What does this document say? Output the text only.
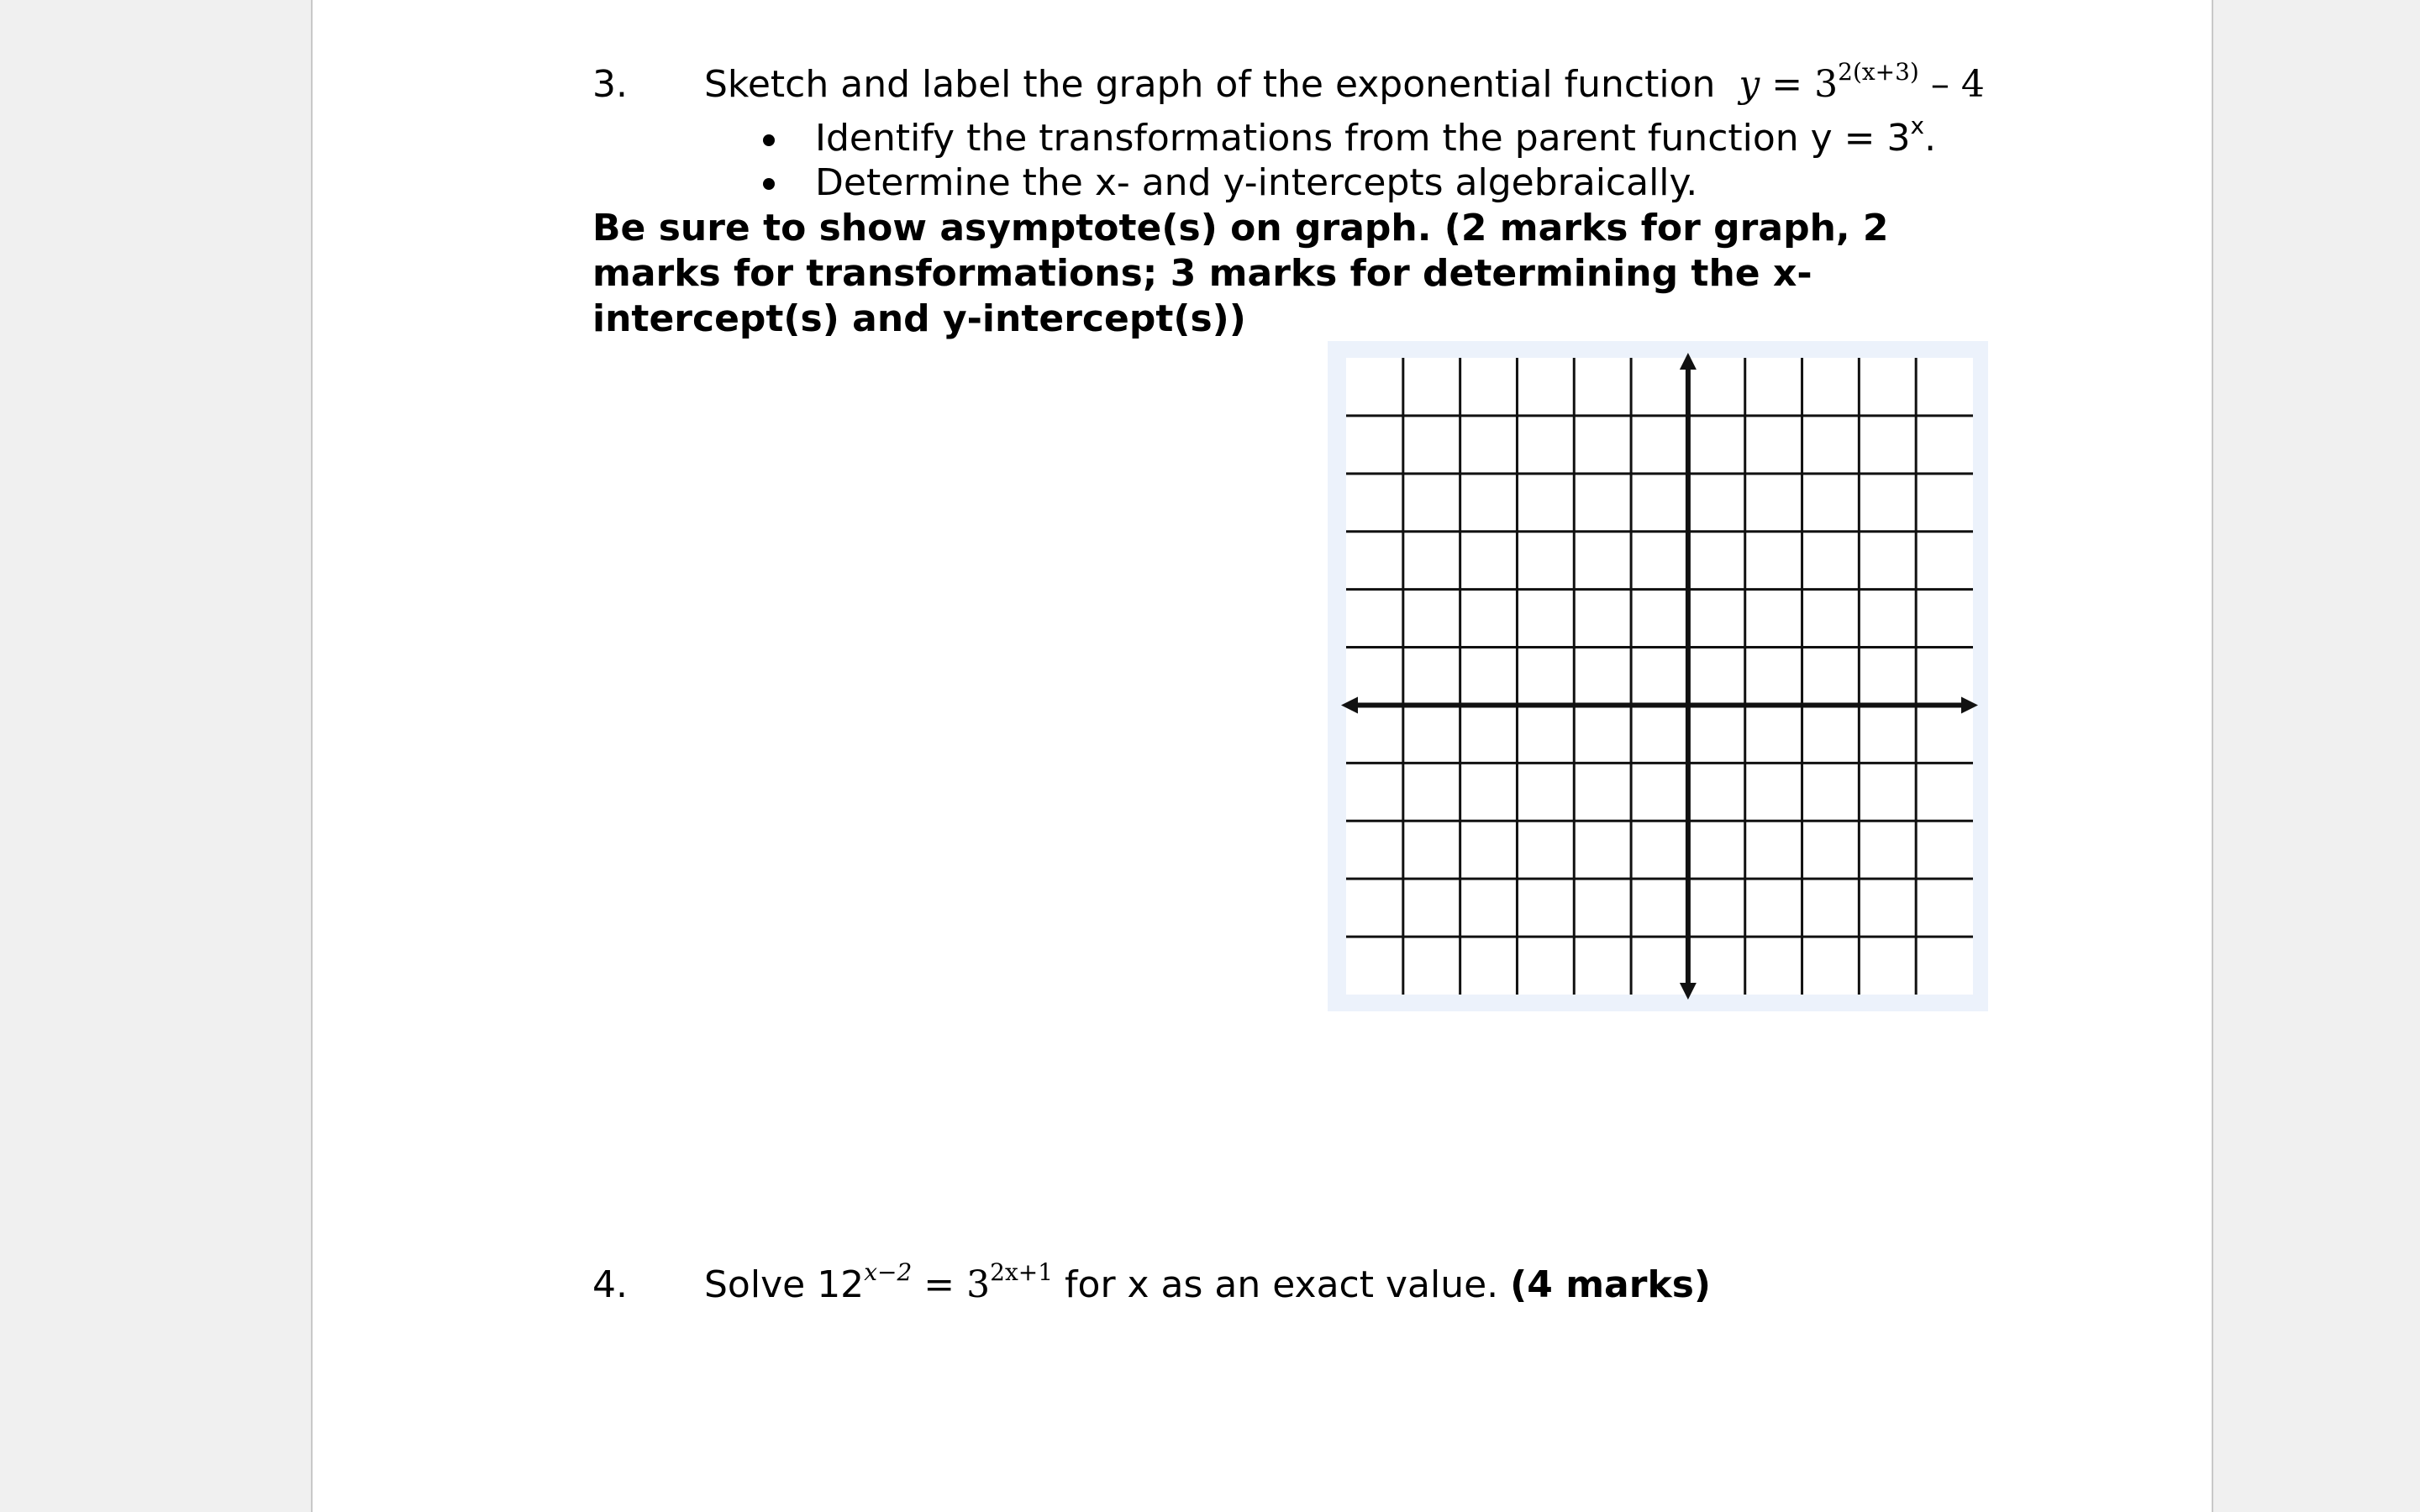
3. Sketch and label the graph of the exponential function $y = 3^{2(x+3)} - 4$
Identify the transformations from the parent function $y = 3^x$.
Determine the x- and y-intercepts algebraically.
Be sure to show asymptote(s) on graph. (2 marks for graph, 2
marks for transformations; 3 marks for determining the x-
intercept(s) and y-intercept(s))
4. Solve $12^{x-2} = 3^{2x+1}$ for x as an exact value. (4 marks)
